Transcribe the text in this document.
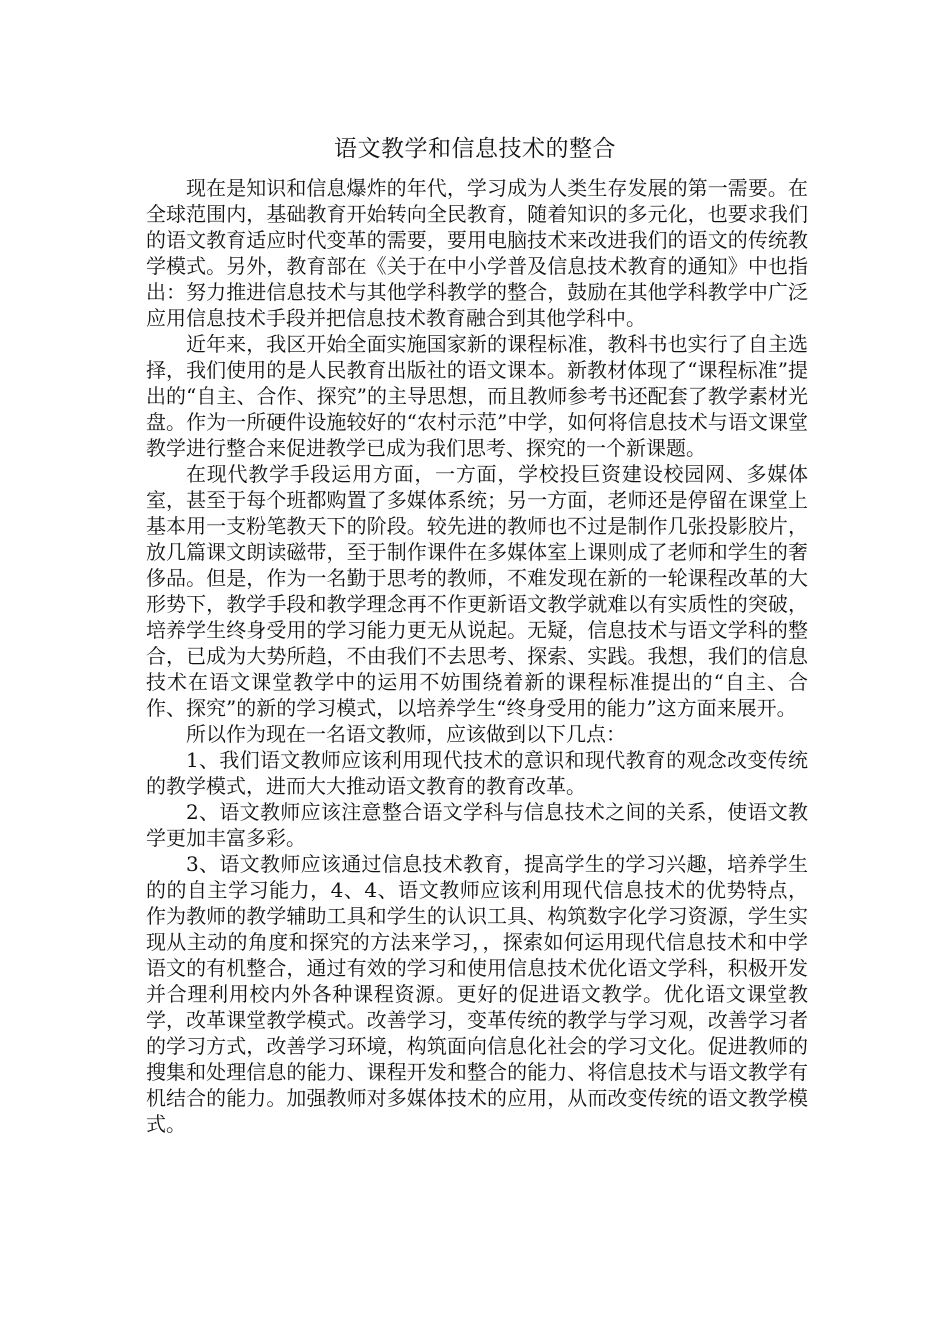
语文教学和信息技术的整合

现在是知识和信息爆炸的年代，学习成为人类生存发展的第一需要。在全球范围内，基础教育开始转向全民教育，随着知识的多元化，也要求我们的语文教育适应时代变革的需要，要用电脑技术来改进我们的语文的传统教学模式。另外，教育部在《关于在中小学普及信息技术教育的通知》中也指出：努力推进信息技术与其他学科教学的整合，鼓励在其他学科教学中广泛应用信息技术手段并把信息技术教育融合到其他学科中。

近年来，我区开始全面实施国家新的课程标准，教科书也实行了自主选择，我们使用的是人民教育出版社的语文课本。新教材体现了“课程标准”提出的“自主、合作、探究”的主导思想，而且教师参考书还配套了教学素材光盘。作为一所硬件设施较好的“农村示范”中学，如何将信息技术与语文课堂教学进行整合来促进教学已成为我们思考、探究的一个新课题。

在现代教学手段运用方面，一方面，学校投巨资建设校园网、多媒体室，甚至于每个班都购置了多媒体系统；另一方面，老师还是停留在课堂上基本用一支粉笔教天下的阶段。较先进的教师也不过是制作几张投影胶片，放几篇课文朗读磁带，至于制作课件在多媒体室上课则成了老师和学生的奢侈品。但是，作为一名勤于思考的教师，不难发现在新的一轮课程改革的大形势下，教学手段和教学理念再不作更新语文教学就难以有实质性的突破，培养学生终身受用的学习能力更无从说起。无疑，信息技术与语文学科的整合，已成为大势所趋，不由我们不去思考、探索、实践。我想，我们的信息技术在语文课堂教学中的运用不妨围绕着新的课程标准提出的“自主、合作、探究”的新的学习模式，以培养学生“终身受用的能力”这方面来展开。

所以作为现在一名语文教师，应该做到以下几点：

1、我们语文教师应该利用现代技术的意识和现代教育的观念改变传统的教学模式，进而大大推动语文教育的教育改革。

2、语文教师应该注意整合语文学科与信息技术之间的关系，使语文教学更加丰富多彩。

3、语文教师应该通过信息技术教育，提高学生的学习兴趣，培养学生的的自主学习能力，4、4、语文教师应该利用现代信息技术的优势特点，作为教师的教学辅助工具和学生的认识工具、构筑数字化学习资源，学生实现从主动的角度和探究的方法来学习，，探索如何运用现代信息技术和中学语文的有机整合，通过有效的学习和使用信息技术优化语文学科，积极开发并合理利用校内外各种课程资源。更好的促进语文教学。优化语文课堂教学，改革课堂教学模式。改善学习，变革传统的教学与学习观，改善学习者的学习方式，改善学习环境，构筑面向信息化社会的学习文化。促进教师的搜集和处理信息的能力、课程开发和整合的能力、将信息技术与语文教学有机结合的能力。加强教师对多媒体技术的应用，从而改变传统的语文教学模式。
